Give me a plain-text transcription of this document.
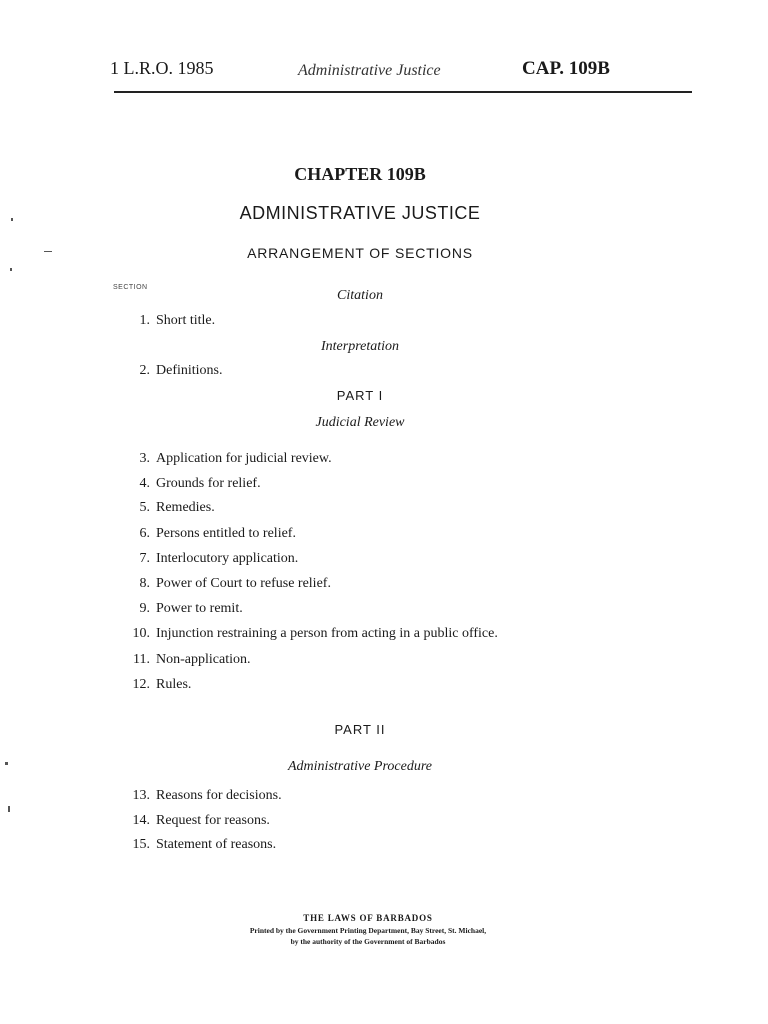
1 L.R.O. 1985	Administrative Justice	CAP. 109B
CHAPTER 109B
ADMINISTRATIVE JUSTICE
ARRANGEMENT OF SECTIONS
SECTION
Citation
1. Short title.
Interpretation
2. Definitions.
PART I
Judicial Review
3. Application for judicial review.
4. Grounds for relief.
5. Remedies.
6. Persons entitled to relief.
7. Interlocutory application.
8. Power of Court to refuse relief.
9. Power to remit.
10. Injunction restraining a person from acting in a public office.
11. Non-application.
12. Rules.
PART II
Administrative Procedure
13. Reasons for decisions.
14. Request for reasons.
15. Statement of reasons.
THE LAWS OF BARBADOS
Printed by the Government Printing Department, Bay Street, St. Michael,
by the authority of the Government of Barbados
